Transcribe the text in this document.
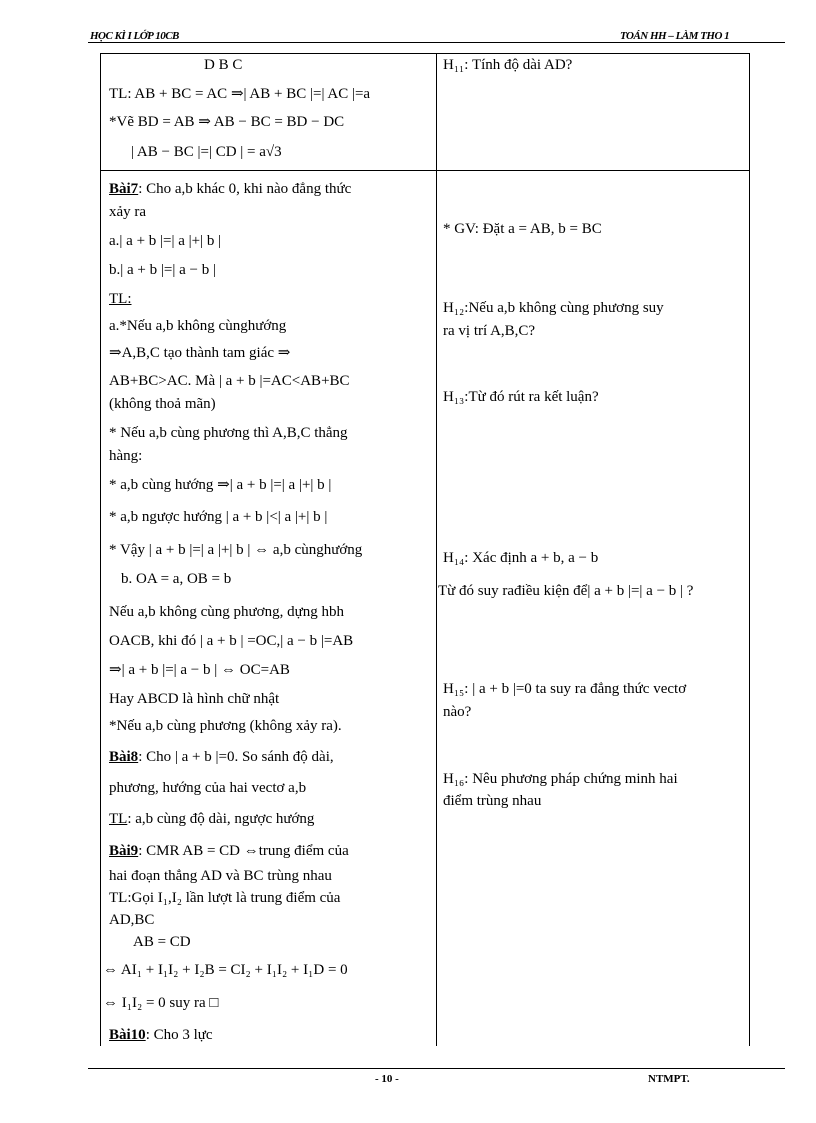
HỌC KÌ I LỚP 10CB	TOÁN HH – LÀM THO 1
D B C
TL: AB + BC = AC ⇒| AB + BC |=| AC |=a
*Vẽ BD = AB ⇒ AB − BC = BD − DC
| AB − BC |=| CD | = a√3
H₁₁: Tính độ dài AD?
Bài7: Cho a,b khác 0, khi nào đẳng thức
xảy ra
a.| a + b |=| a |+| b |
b.| a + b |=| a − b |
TL:
a.*Nếu a,b không cùnghướng
⇒A,B,C tạo thành tam giác ⇒
AB+BC>AC. Mà | a + b |=AC<AB+BC
(không thoả mãn)
* Nếu a,b cùng phương thì A,B,C thẳng
hàng:
* a,b cùng hướng ⇒| a + b |=| a |+| b |
* a,b ngược hướng | a + b |<| a |+| b |
* Vậy | a + b |=| a |+| b | ⇔ a,b cùnghướng
b. OA = a, OB = b
Nếu a,b không cùng phương, dựng hbh
OACB, khi đó | a + b | =OC,| a − b |=AB
⇒| a + b |=| a − b | ⇔ OC=AB
Hay ABCD là hình chữ nhật
*Nếu a,b cùng phương (không xảy ra).
Bài8: Cho | a + b |=0. So sánh độ dài,
phương, hướng của hai vectơ a,b
TL: a,b cùng độ dài, ngược hướng
Bài9: CMR AB = CD ⇔trung điểm của
hai đoạn thẳng AD và BC trùng nhau
TL:Gọi I₁,I₂ lần lượt là trung điểm của
AD,BC
AB = CD
⇔ AI₁ + I₁I₂ + I₂B = CI₂ + I₁I₂ + I₁D = 0
⇔ I₁I₂ = 0 suy ra □
Bài10: Cho 3 lực
* GV: Đặt a = AB, b = BC
H₁₂:Nếu a,b không cùng phương suy
ra vị trí A,B,C?
H₁₃:Từ đó rút ra kết luận?
H₁₄: Xác định a + b, a − b
Từ đó suy rađiều kiện để| a + b |=| a − b | ?
H₁₅: | a + b |=0 ta suy ra đẳng thức vectơ
nào?
H₁₆: Nêu phương pháp chứng minh hai
điểm trùng nhau
- 10 -	NTMPT.
